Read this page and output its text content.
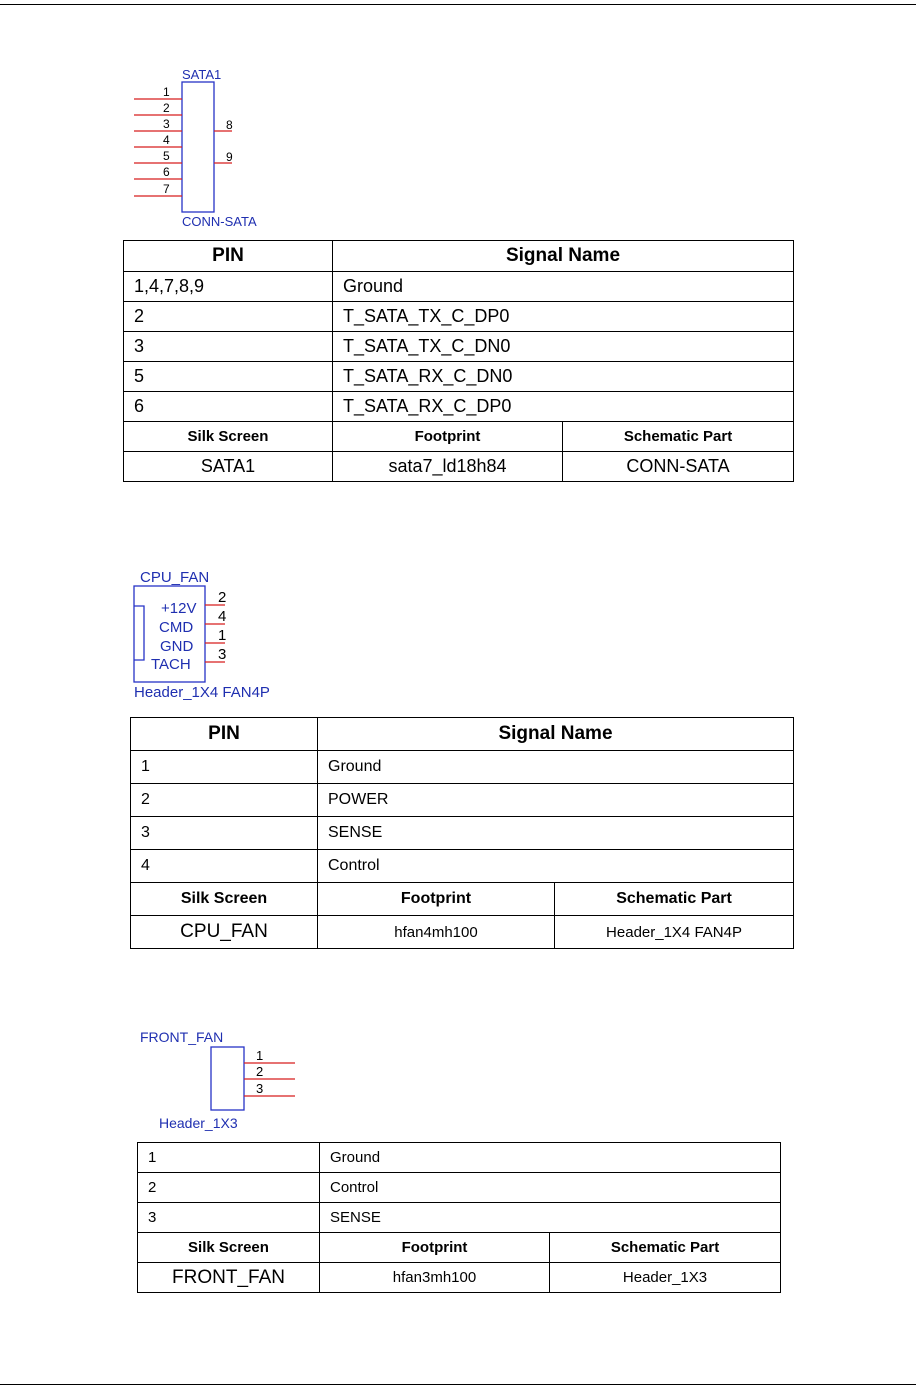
SATA1
1
2
3
4
5
6
7
8
9
CONN-SATA
CPU_FAN
+12V
CMD
GND
TACH
2
4
1
3
Header_1X4 FAN4P
FRONT_FAN
1
2
3
Header_1X3
PIN	Signal Name	
1,4,7,8,9	Ground	
2	T_SATA_TX_C_DP0	
3	T_SATA_TX_C_DN0	
5	T_SATA_RX_C_DN0	
6	T_SATA_RX_C_DP0	
Silk Screen	Footprint	Schematic Part
SATA1	sata7_ld18h84	CONN-SATA
PIN	Signal Name	
1	Ground	
2	POWER	
3	SENSE	
4	Control	
Silk Screen	Footprint	Schematic Part
CPU_FAN	hfan4mh100	Header_1X4 FAN4P
1	Ground	
2	Control	
3	SENSE	
Silk Screen	Footprint	Schematic Part
FRONT_FAN	hfan3mh100	Header_1X3
